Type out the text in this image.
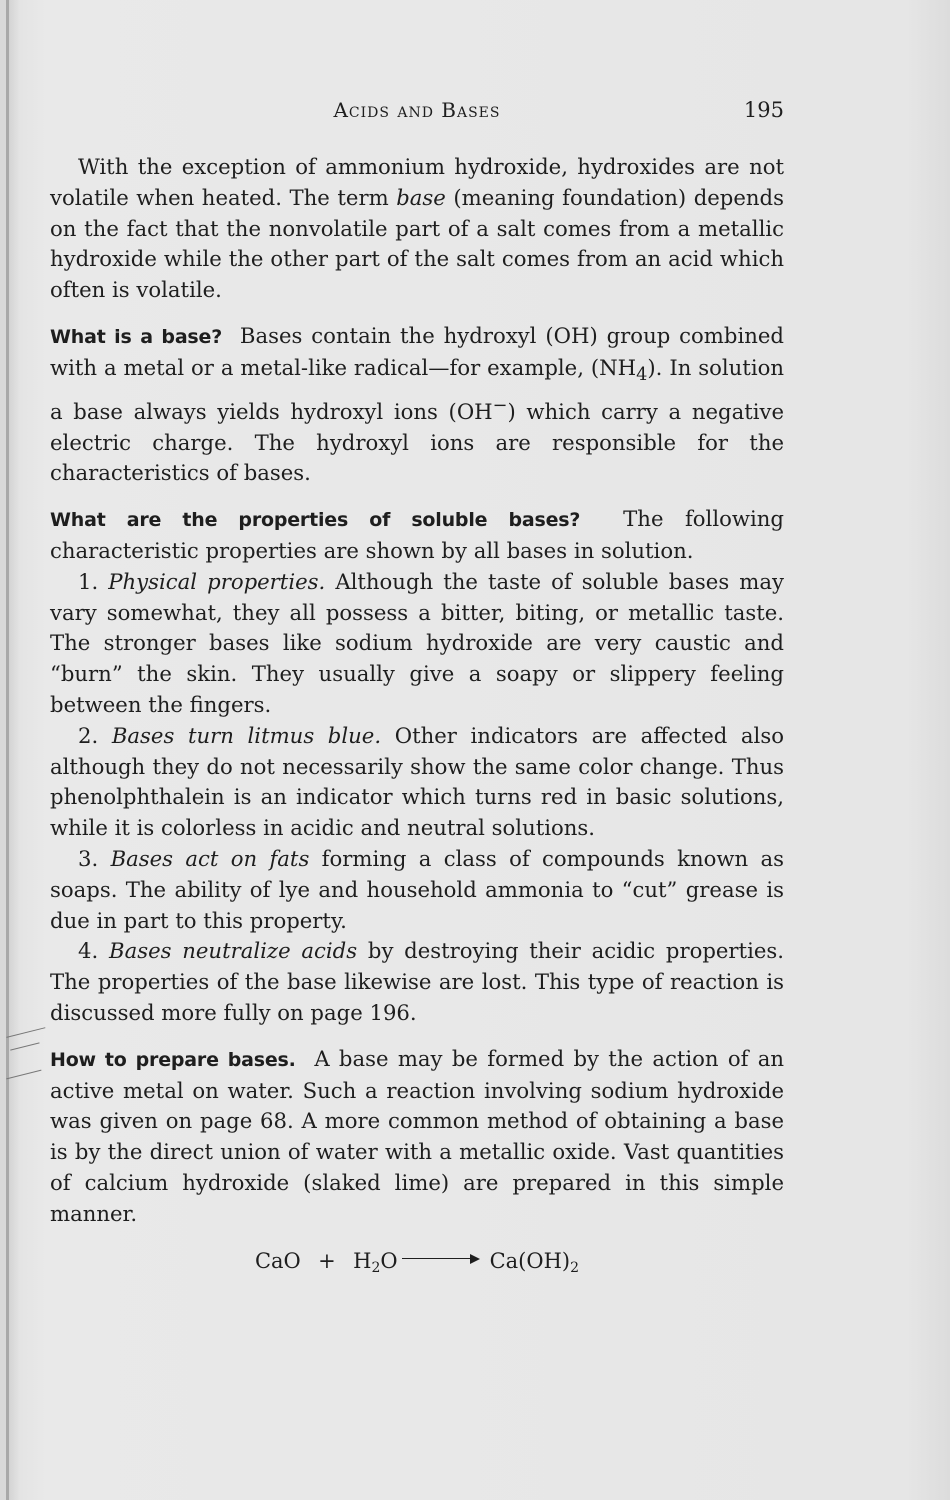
Acids and Bases	195

With the exception of ammonium hydroxide, hydroxides are not volatile when heated. The term base (meaning foundation) depends on the fact that the nonvolatile part of a salt comes from a metallic hydroxide while the other part of the salt comes from an acid which often is volatile.

What is a base? Bases contain the hydroxyl (OH) group combined with a metal or a metal-like radical—for example, $(NH_4)$. In solution a base always yields hydroxyl ions (OH−) which carry a negative electric charge. The hydroxyl ions are responsible for the characteristics of bases.

What are the properties of soluble bases? The following characteristic properties are shown by all bases in solution.

1. Physical properties. Although the taste of soluble bases may vary somewhat, they all possess a bitter, biting, or metallic taste. The stronger bases like sodium hydroxide are very caustic and “burn” the skin. They usually give a soapy or slippery feeling between the fingers.

2. Bases turn litmus blue. Other indicators are affected also although they do not necessarily show the same color change. Thus phenolphthalein is an indicator which turns red in basic solutions, while it is colorless in acidic and neutral solutions.

3. Bases act on fats forming a class of compounds known as soaps. The ability of lye and household ammonia to “cut” grease is due in part to this property.

4. Bases neutralize acids by destroying their acidic properties. The properties of the base likewise are lost. This type of reaction is discussed more fully on page 196.

How to prepare bases. A base may be formed by the action of an active metal on water. Such a reaction involving sodium hydroxide was given on page 68. A more common method of obtaining a base is by the direct union of water with a metallic oxide. Vast quantities of calcium hydroxide (slaked lime) are prepared in this simple manner.

CaO + $H_2O$	$Ca(OH)_2$
